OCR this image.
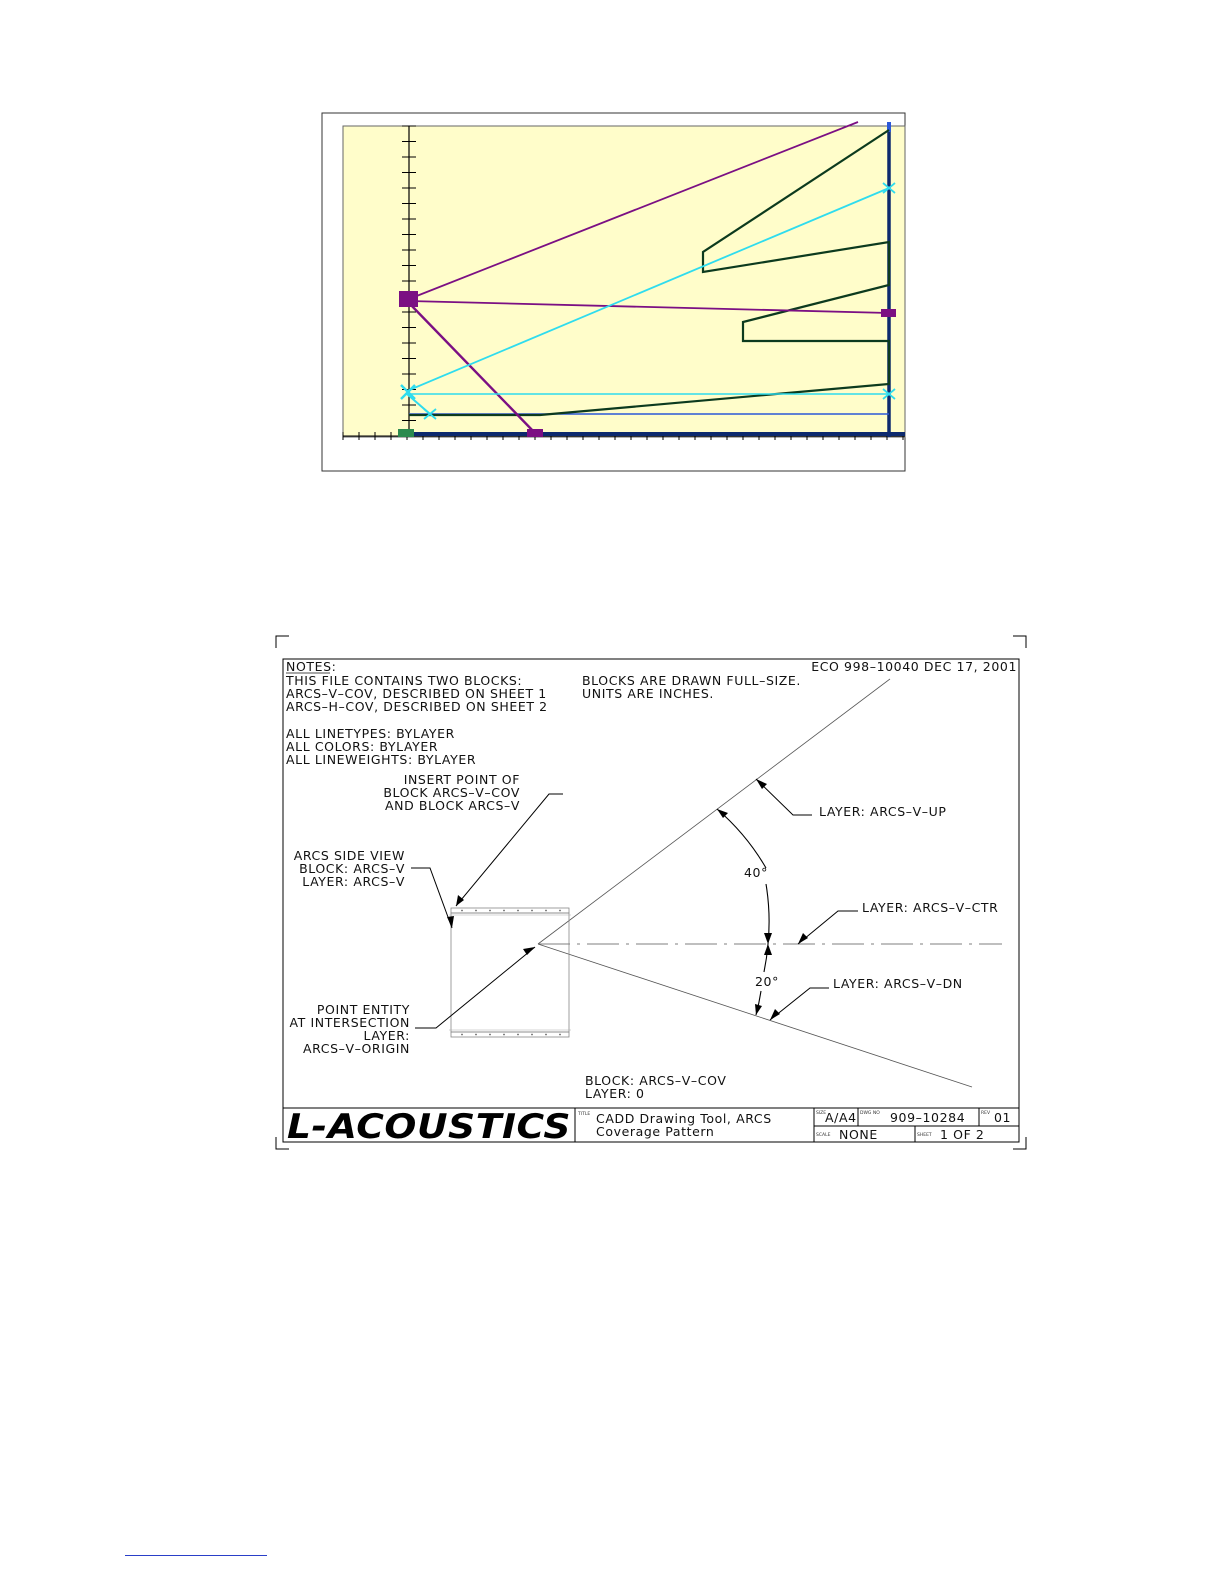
NOTES:
THIS FILE CONTAINS TWO BLOCKS:
ARCS–V–COV, DESCRIBED ON SHEET 1
ARCS–H–COV, DESCRIBED ON SHEET 2
ALL LINETYPES: BYLAYER
ALL COLORS: BYLAYER
ALL LINEWEIGHTS: BYLAYER
BLOCKS ARE DRAWN FULL–SIZE.
UNITS ARE INCHES.
ECO 998–10040 DEC 17, 2001
INSERT POINT OF
BLOCK ARCS–V–COV
AND BLOCK ARCS–V
ARCS SIDE VIEW
BLOCK: ARCS–V
LAYER: ARCS–V
POINT ENTITY
AT INTERSECTION
LAYER:
ARCS–V–ORIGIN
LAYER: ARCS–V–UP
LAYER: ARCS–V–CTR
LAYER: ARCS–V–DN
40°
20°
BLOCK: ARCS–V–COV
LAYER: 0
L-ACOUSTICS TITLE CADD Drawing Tool, ARCS
Coverage Pattern
SIZE
A/A4 DWG NO 909–10284	REV 01
SCALE NONE	SHEET 1 OF 2
